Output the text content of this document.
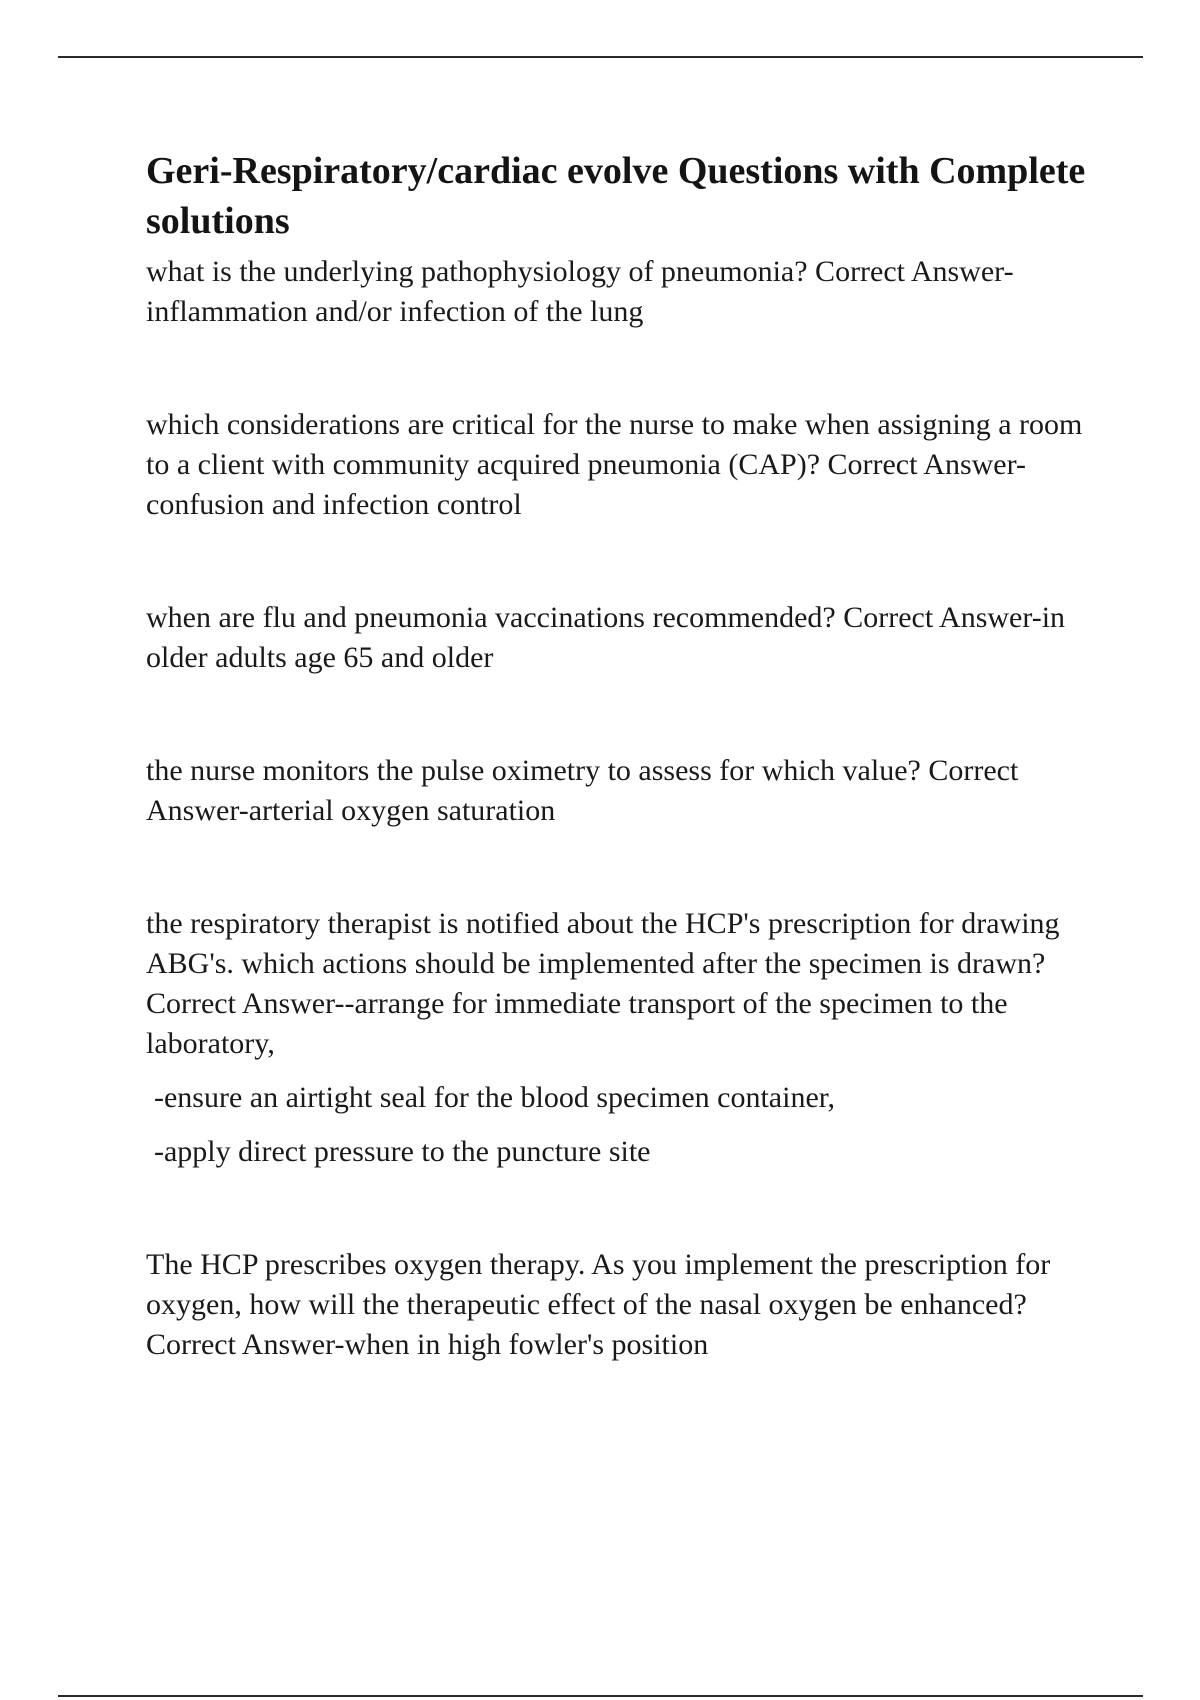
Geri-Respiratory/cardiac evolve Questions with Complete solutions

what is the underlying pathophysiology of pneumonia? Correct Answer-inflammation and/or infection of the lung

which considerations are critical for the nurse to make when assigning a room to a client with community acquired pneumonia (CAP)? Correct Answer-confusion and infection control

when are flu and pneumonia vaccinations recommended? Correct Answer-in older adults age 65 and older

the nurse monitors the pulse oximetry to assess for which value? Correct Answer-arterial oxygen saturation

the respiratory therapist is notified about the HCP's prescription for drawing ABG's. which actions should be implemented after the specimen is drawn? Correct Answer--arrange for immediate transport of the specimen to the laboratory,

-ensure an airtight seal for the blood specimen container,

-apply direct pressure to the puncture site

The HCP prescribes oxygen therapy. As you implement the prescription for oxygen, how will the therapeutic effect of the nasal oxygen be enhanced? Correct Answer-when in high fowler's position
